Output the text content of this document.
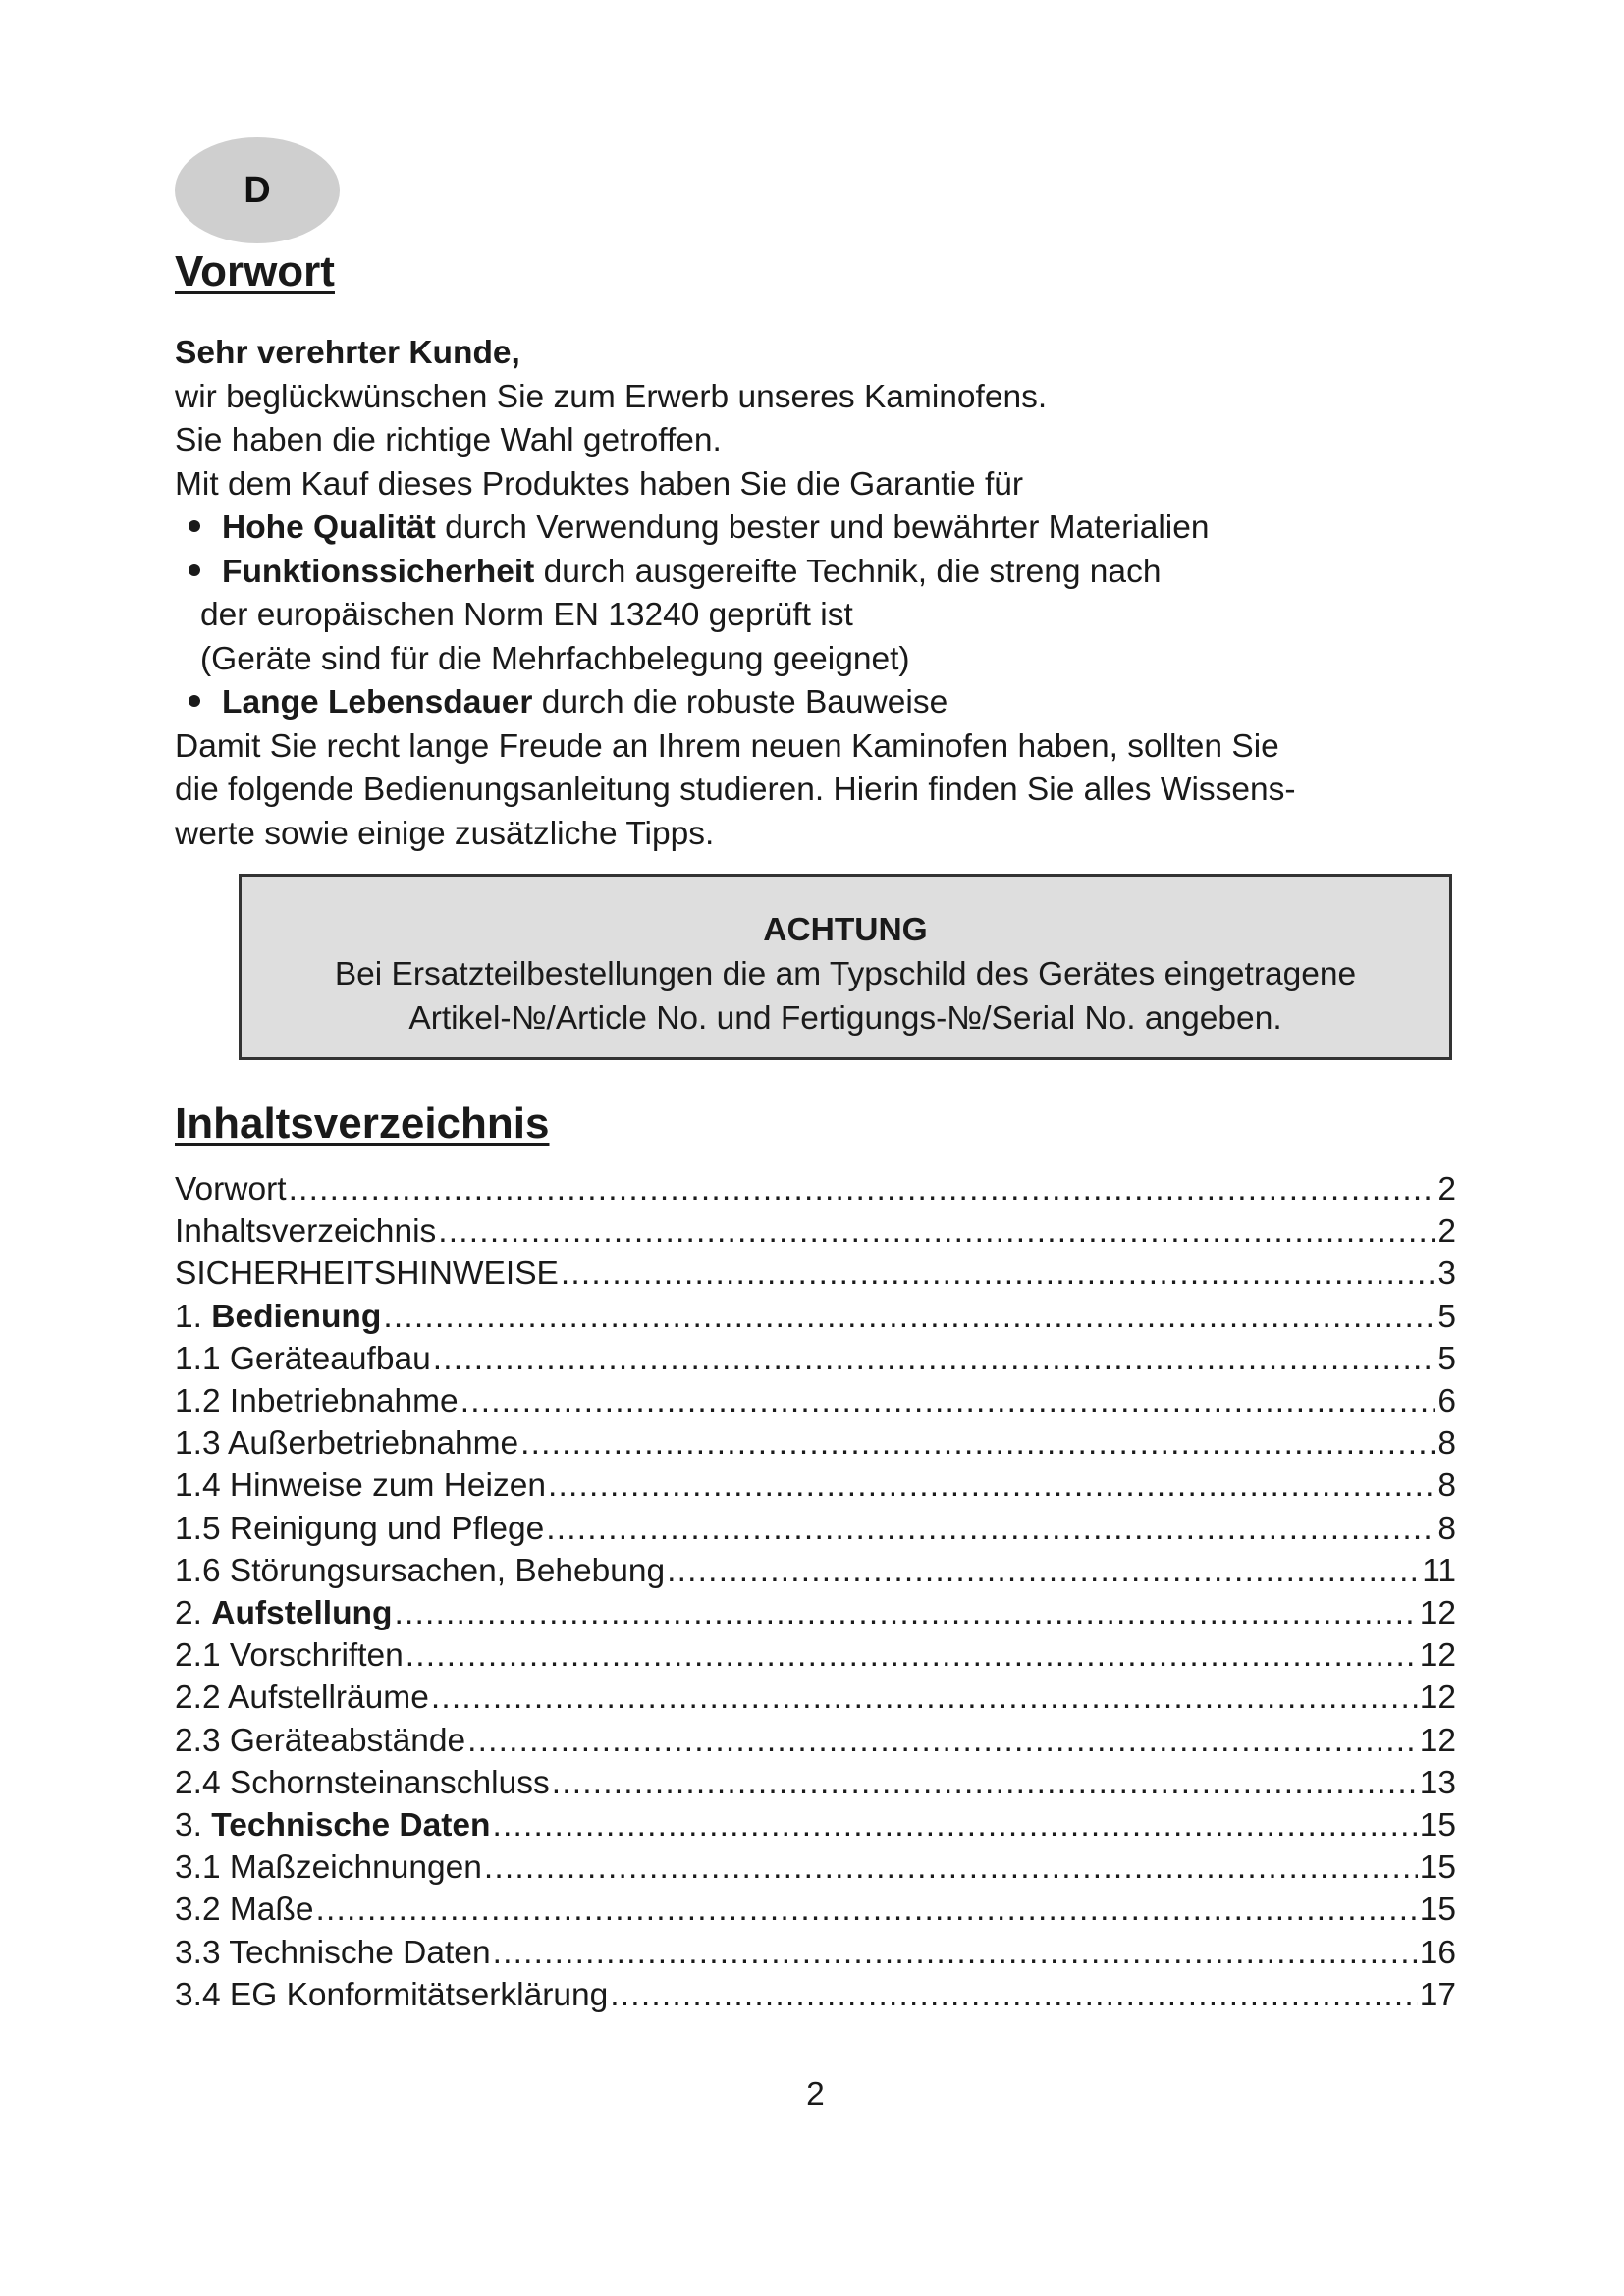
D
Vorwort

Sehr verehrter Kunde,

wir beglückwünschen Sie zum Erwerb unseres Kaminofens.

Sie haben die richtige Wahl getroffen.

Mit dem Kauf dieses Produktes haben Sie die Garantie für

Hohe Qualität durch Verwendung bester und bewährter Materialien

Funktionssicherheit durch ausgereifte Technik, die streng nach

der europäischen Norm EN 13240 geprüft ist

(Geräte sind für die Mehrfachbelegung geeignet)

Lange Lebensdauer durch die robuste Bauweise

Damit Sie recht lange Freude an Ihrem neuen Kaminofen haben, sollten Sie

die folgende Bedienungsanleitung studieren. Hierin finden Sie alles Wissens-

werte sowie einige zusätzliche Tipps.

ACHTUNG
Bei Ersatzteilbestellungen die am Typschild des Gerätes eingetragene
Artikel-№/Article No. und Fertigungs-№/Serial No. angeben.
Inhaltsverzeichnis
Vorwort .....	2
Inhaltsverzeichnis .....	2
SICHERHEITSHINWEISE .....	3
1. Bedienung .....	5
1.1 Geräteaufbau .....	5
1.2 Inbetriebnahme .....	6
1.3 Außerbetriebnahme .....	8
1.4 Hinweise zum Heizen .....	8
1.5 Reinigung und Pflege .....	8
1.6 Störungsursachen, Behebung .....	11
2. Aufstellung .....	12
2.1 Vorschriften .....	12
2.2 Aufstellräume .....	12
2.3 Geräteabstände .....	12
2.4 Schornsteinanschluss .....	13
3. Technische Daten .....	15
3.1 Maßzeichnungen .....	15
3.2 Maße .....	15
3.3 Technische Daten .....	16
3.4 EG Konformitätserklärung .....	17
2
